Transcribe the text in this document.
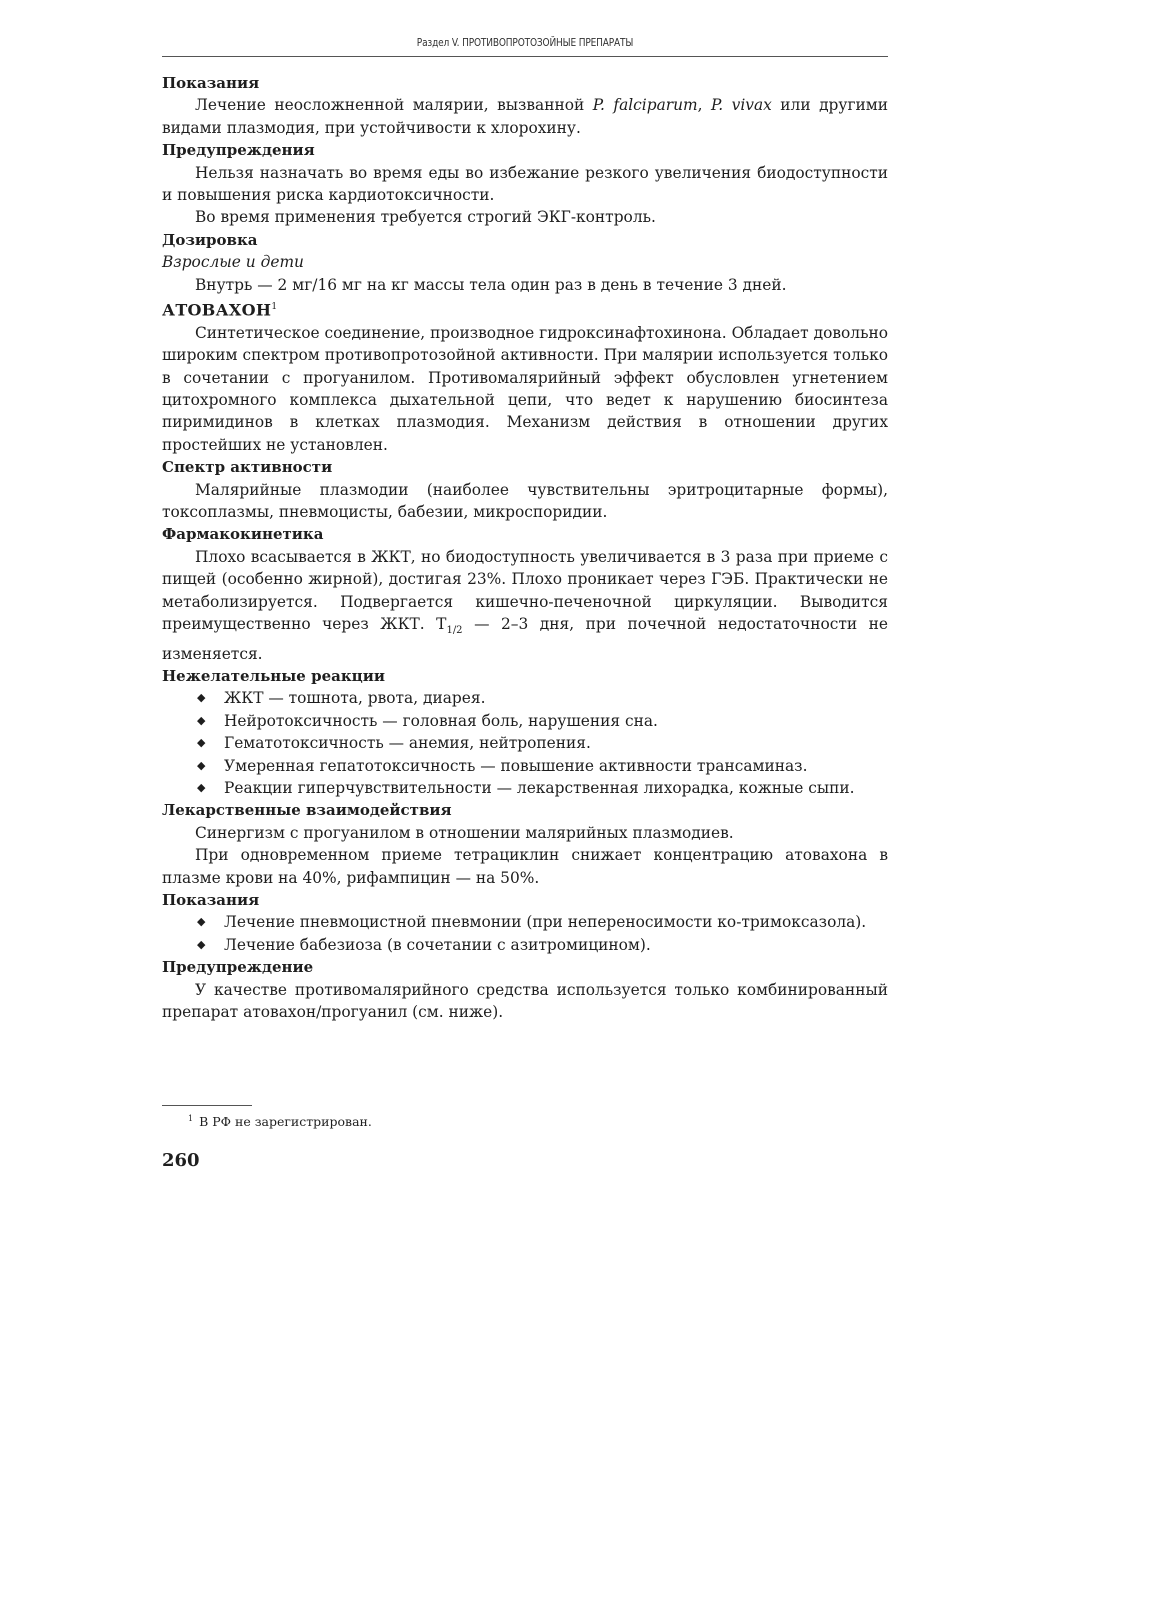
Раздел V. ПРОТИВОПРОТОЗОЙНЫЕ ПРЕПАРАТЫ

Показания

Лечение неосложненной малярии, вызванной P. falciparum, P. vivax или другими видами плазмодия, при устойчивости к хлорохину.

Предупреждения

Нельзя назначать во время еды во избежание резкого увеличения биодоступности и повышения риска кардиотоксичности.

Во время применения требуется строгий ЭКГ-контроль.

Дозировка

Взрослые и дети

Внутрь — 2 мг/16 мг на кг массы тела один раз в день в течение 3 дней.

АТОВАХОН$^1$

Синтетическое соединение, производное гидроксинафтохинона. Обладает довольно широким спектром противопротозойной активности. При малярии используется только в сочетании с прогуанилом. Противомалярийный эффект обусловлен угнетением цитохромного комплекса дыхательной цепи, что ведет к нарушению биосинтеза пиримидинов в клетках плазмодия. Механизм действия в отношении других простейших не установлен.

Спектр активности

Малярийные плазмодии (наиболее чувствительны эритроцитарные формы), токсоплазмы, пневмоцисты, бабезии, микроспоридии.

Фармакокинетика

Плохо всасывается в ЖКТ, но биодоступность увеличивается в 3 раза при приеме с пищей (особенно жирной), достигая 23%. Плохо проникает через ГЭБ. Практически не метаболизируется. Подвергается кишечно-печеночной циркуляции. Выводится преимущественно через ЖКТ. $T_{1/2}$ — 2–3 дня, при почечной недостаточности не изменяется.

Нежелательные реакции

◆ ЖКТ — тошнота, рвота, диарея.
◆ Нейротоксичность — головная боль, нарушения сна.
◆ Гематотоксичность — анемия, нейтропения.
◆ Умеренная гепатотоксичность — повышение активности трансаминаз.
◆ Реакции гиперчувствительности — лекарственная лихорадка, кожные сыпи.

Лекарственные взаимодействия

Синергизм с прогуанилом в отношении малярийных плазмодиев.

При одновременном приеме тетрациклин снижает концентрацию атовахона в плазме крови на 40%, рифампицин — на 50%.

Показания

◆ Лечение пневмоцистной пневмонии (при непереносимости ко-тримоксазола).
◆ Лечение бабезиоза (в сочетании с азитромицином).

Предупреждение

У качестве противомалярийного средства используется только комбинированный препарат атовахон/прогуанил (см. ниже).

$^1$ В РФ не зарегистрирован.
260
